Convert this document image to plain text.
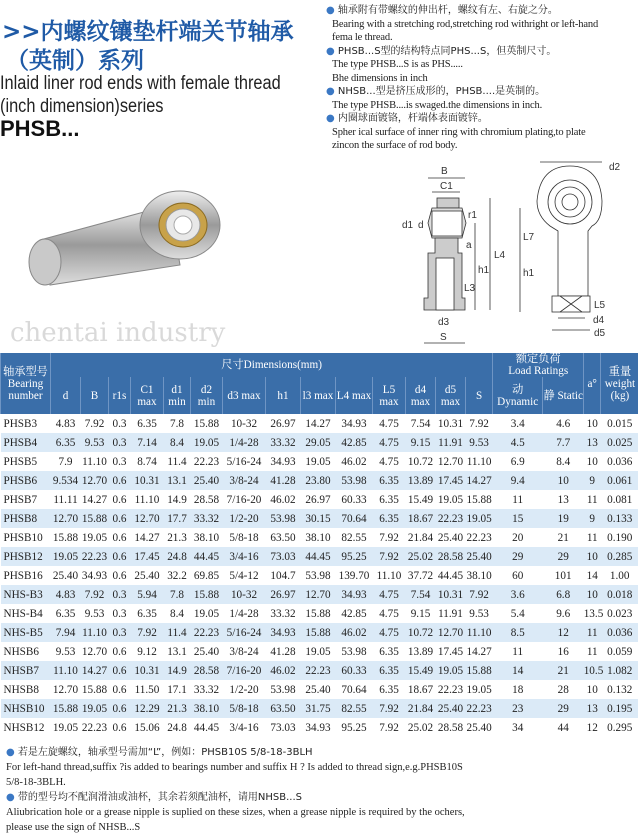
>>内螺纹镶垫杆端关节轴承
（英制）系列
Inlaid liner rod ends with female thread
(inch dimension)series
PHSB...
● 轴承附有带螺纹的伸出杆，螺纹有左、右旋之分。
Bearing with a stretching rod,stretching rod withright or left-hand
fema le thread.
● PHSB...S型的结构特点同PHS...S，但英制尺寸。
The type PHSB...S is as PHS.....
Bhe dimensions in inch
● NHSB...型是挤压成形的，PHSB....是英制的。
The type PHSB....is swaged.the dimensions in inch.
● 内圈球面镀铬，杆端体表面镀锌。
Spher ical surface of inner ring with chromium plating,to plate
zincon the surface of rod body.
chentai industry
B
C1
d1 d
r1
a
h1
L4
L3
d3
S
d2
L7
h1
L5
d4
d5
轴承型号
Bearing number	尺寸Dimensions(mm)														额定负荷
Load Ratings		a°	重量
weight (kg)
	d	B	r1s	C1 max	d1 min	d2 min	d3 max	h1	l3 max	L4 max	L5 max	d4 max	d5 max	S	动 Dynamic	静 Static		
PHSB3	4.83	7.92	0.3	6.35	7.8	15.88	10-32	26.97	14.27	34.93	4.75	7.54	10.31	7.92	3.4	4.6	10	0.015
PHSB4	6.35	9.53	0.3	7.14	8.4	19.05	1/4-28	33.32	29.05	42.85	4.75	9.15	11.91	9.53	4.5	7.7	13	0.025
PHSB5	7.9	11.10	0.3	8.74	11.4	22.23	5/16-24	34.93	19.05	46.02	4.75	10.72	12.70	11.10	6.9	8.4	10	0.036
PHSB6	9.534	12.70	0.6	10.31	13.1	25.40	3/8-24	41.28	23.80	53.98	6.35	13.89	17.45	14.27	9.4	10	9	0.061
PHSB7	11.11	14.27	0.6	11.10	14.9	28.58	7/16-20	46.02	26.97	60.33	6.35	15.49	19.05	15.88	11	13	11	0.081
PHSB8	12.70	15.88	0.6	12.70	17.7	33.32	1/2-20	53.98	30.15	70.64	6.35	18.67	22.23	19.05	15	19	9	0.133
PHSB10	15.88	19.05	0.6	14.27	21.3	38.10	5/8-18	63.50	38.10	82.55	7.92	21.84	25.40	22.23	20	21	11	0.190
PHSB12	19.05	22.23	0.6	17.45	24.8	44.45	3/4-16	73.03	44.45	95.25	7.92	25.02	28.58	25.40	29	29	10	0.285
PHSB16	25.40	34.93	0.6	25.40	32.2	69.85	5/4-12	104.7	53.98	139.70	11.10	37.72	44.45	38.10	60	101	14	1.00
NHS-B3	4.83	7.92	0.3	5.94	7.8	15.88	10-32	26.97	12.70	34.93	4.75	7.54	10.31	7.92	3.6	6.8	10	0.018
NHS-B4	6.35	9.53	0.3	6.35	8.4	19.05	1/4-28	33.32	15.88	42.85	4.75	9.15	11.91	9.53	5.4	9.6	13.5	0.023
NHS-B5	7.94	11.10	0.3	7.92	11.4	22.23	5/16-24	34.93	15.88	46.02	4.75	10.72	12.70	11.10	8.5	12	11	0.036
NHSB6	9.53	12.70	0.6	9.12	13.1	25.40	3/8-24	41.28	19.05	53.98	6.35	13.89	17.45	14.27	11	16	11	0.059
NHSB7	11.10	14.27	0.6	10.31	14.9	28.58	7/16-20	46.02	22.23	60.33	6.35	15.49	19.05	15.88	14	21	10.5	1.082
NHSB8	12.70	15.88	0.6	11.50	17.1	33.32	1/2-20	53.98	25.40	70.64	6.35	18.67	22.23	19.05	18	28	10	0.132
NHSB10	15.88	19.05	0.6	12.29	21.3	38.10	5/8-18	63.50	31.75	82.55	7.92	21.84	25.40	22.23	23	29	13	0.195
NHSB12	19.05	22.23	0.6	15.06	24.8	44.45	3/4-16	73.03	34.93	95.25	7.92	25.02	28.58	25.40	34	44	12	0.295
● 若是左旋螺纹，轴承型号需加“L”，例如：PHSB10S 5/8-18-3BLH
For left-hand thread,suffix ?is added to bearings number and suffix H ? Is added to thread sign,e.g.PHSB10S
5/8-18-3BLH.
● 带的型号均不配润滑油或油杯，其余若须配油杯，请用NHSB...S
Aliubrication hole or a grease nipple is suplied on these sizes, when a grease nipple is required by the ochers,
please use the sign of NHSB...S
